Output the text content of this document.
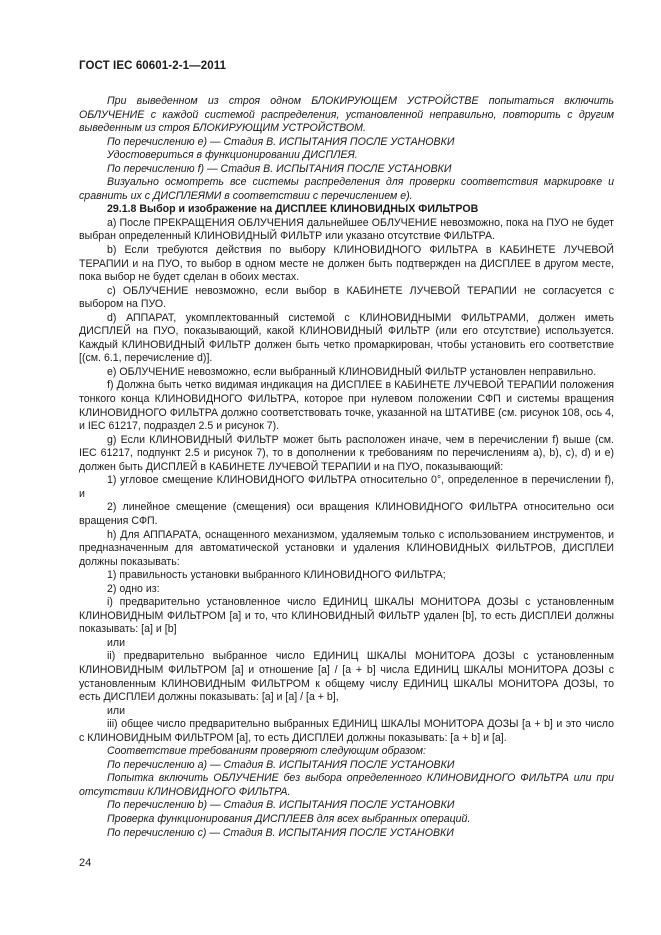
ГОСТ IEC 60601-2-1—2011

При выведенном из строя одном БЛОКИРУЮЩЕМ УСТРОЙСТВЕ попытаться включить ОБЛУЧЕНИЕ с каждой системой распределения, установленной неправильно, повторить с другим выведенным из строя БЛОКИРУЮЩИМ УСТРОЙСТВОМ.

По перечислению е) — Стадия В. ИСПЫТАНИЯ ПОСЛЕ УСТАНОВКИ

Удостовериться в функционировании ДИСПЛЕЯ.

По перечислению f) — Стадия В. ИСПЫТАНИЯ ПОСЛЕ УСТАНОВКИ

Визуально осмотреть все системы распределения для проверки соответствия маркировке и сравнить их с ДИСПЛЕЯМИ в соответствии с перечислением е).

29.1.8 Выбор и изображение на ДИСПЛЕЕ КЛИНОВИДНЫХ ФИЛЬТРОВ

а) После ПРЕКРАЩЕНИЯ ОБЛУЧЕНИЯ дальнейшее ОБЛУЧЕНИЕ невозможно, пока на ПУО не будет выбран определенный КЛИНОВИДНЫЙ ФИЛЬТР или указано отсутствие ФИЛЬТРА.

b) Если требуются действия по выбору КЛИНОВИДНОГО ФИЛЬТРА в КАБИНЕТЕ ЛУЧЕВОЙ ТЕРАПИИ и на ПУО, то выбор в одном месте не должен быть подтвержден на ДИСПЛЕЕ в другом месте, пока выбор не будет сделан в обоих местах.

с) ОБЛУЧЕНИЕ невозможно, если выбор в КАБИНЕТЕ ЛУЧЕВОЙ ТЕРАПИИ не согласуется с выбором на ПУО.

d) АППАРАТ, укомплектованный системой с КЛИНОВИДНЫМИ ФИЛЬТРАМИ, должен иметь ДИСПЛЕЙ на ПУО, показывающий, какой КЛИНОВИДНЫЙ ФИЛЬТР (или его отсутствие) используется. Каждый КЛИНОВИДНЫЙ ФИЛЬТР должен быть четко промаркирован, чтобы установить его соответствие [(см. 6.1, перечисление d)].

е) ОБЛУЧЕНИЕ невозможно, если выбранный КЛИНОВИДНЫЙ ФИЛЬТР установлен неправильно.

f) Должна быть четко видимая индикация на ДИСПЛЕЕ в КАБИНЕТЕ ЛУЧЕВОЙ ТЕРАПИИ положения тонкого конца КЛИНОВИДНОГО ФИЛЬТРА, которое при нулевом положении СФП и системы вращения КЛИНОВИДНОГО ФИЛЬТРА должно соответствовать точке, указанной на ШТАТИВЕ (см. рисунок 108, ось 4, и IEC 61217, подраздел 2.5 и рисунок 7).

g) Если КЛИНОВИДНЫЙ ФИЛЬТР может быть расположен иначе, чем в перечислении f) выше (см. IEC 61217, подпункт 2.5 и рисунок 7), то в дополнении к требованиям по перечислениям a), b), c), d) и е) должен быть ДИСПЛЕЙ в КАБИНЕТЕ ЛУЧЕВОЙ ТЕРАПИИ и на ПУО, показывающий:

1) угловое смещение КЛИНОВИДНОГО ФИЛЬТРА относительно 0°, определенное в перечислении f), и

2) линейное смещение (смещения) оси вращения КЛИНОВИДНОГО ФИЛЬТРА относительно оси вращения СФП.

h) Для АППАРАТА, оснащенного механизмом, удаляемым только с использованием инструментов, и предназначенным для автоматической установки и удаления КЛИНОВИДНЫХ ФИЛЬТРОВ, ДИСПЛЕИ должны показывать:

1) правильность установки выбранного КЛИНОВИДНОГО ФИЛЬТРА;

2) одно из:

i) предварительно установленное число ЕДИНИЦ ШКАЛЫ МОНИТОРА ДОЗЫ с установленным КЛИНОВИДНЫМ ФИЛЬТРОМ [а] и то, что КЛИНОВИДНЫЙ ФИЛЬТР удален [b], то есть ДИСПЛЕИ должны показывать: [а] и [b]

или

ii) предварительно выбранное число ЕДИНИЦ ШКАЛЫ МОНИТОРА ДОЗЫ с установленным КЛИНОВИДНЫМ ФИЛЬТРОМ [а] и отношение [а] / [а + b] числа ЕДИНИЦ ШКАЛЫ МОНИТОРА ДОЗЫ с установленным КЛИНОВИДНЫМ ФИЛЬТРОМ к общему числу ЕДИНИЦ ШКАЛЫ МОНИТОРА ДОЗЫ, то есть ДИСПЛЕИ должны показывать: [а] и [а] / [а + b],

или

iii) общее число предварительно выбранных ЕДИНИЦ ШКАЛЫ МОНИТОРА ДОЗЫ [а + b] и это число с КЛИНОВИДНЫМ ФИЛЬТРОМ [а], то есть ДИСПЛЕИ должны показывать: [а + b] и [а].

Соответствие требованиям проверяют следующим образом:

По перечислению а) — Стадия В. ИСПЫТАНИЯ ПОСЛЕ УСТАНОВКИ

Попытка включить ОБЛУЧЕНИЕ без выбора определенного КЛИНОВИДНОГО ФИЛЬТРА или при отсутствии КЛИНОВИДНОГО ФИЛЬТРА.

По перечислению b) — Стадия В. ИСПЫТАНИЯ ПОСЛЕ УСТАНОВКИ

Проверка функционирования ДИСПЛЕЕВ для всех выбранных операций.

По перечислению с) — Стадия В. ИСПЫТАНИЯ ПОСЛЕ УСТАНОВКИ

24
